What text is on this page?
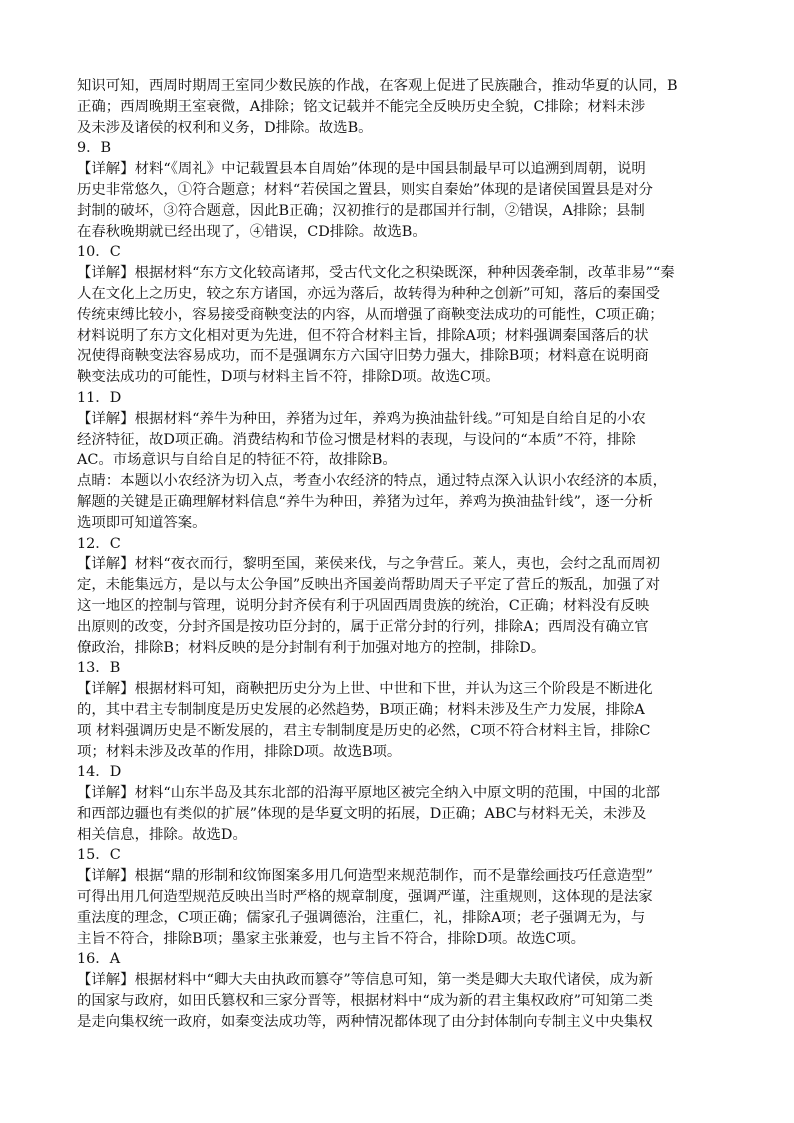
知识可知，西周时期周王室同少数民族的作战，在客观上促进了民族融合，推动华夏的认同，B
正确；西周晚期王室衰微，A排除；铭文记载并不能完全反映历史全貌，C排除；材料未涉
及未涉及诸侯的权利和义务，D排除。故选B。
9．B
【详解】材料“《周礼》中记载置县本自周始”体现的是中国县制最早可以追溯到周朝，说明
历史非常悠久，①符合题意；材料“若侯国之置县，则实自秦始”体现的是诸侯国置县是对分
封制的破坏，③符合题意，因此B正确；汉初推行的是郡国并行制，②错误，A排除；县制
在春秋晚期就已经出现了，④错误，CD排除。故选B。
10．C
【详解】根据材料“东方文化较高诸邦，受古代文化之积染既深，种种因袭牵制，改革非易”“秦
人在文化上之历史，较之东方诸国，亦远为落后，故转得为种种之创新”可知，落后的秦国受
传统束缚比较小，容易接受商鞅变法的内容，从而增强了商鞅变法成功的可能性，C项正确；
材料说明了东方文化相对更为先进，但不符合材料主旨，排除A项；材料强调秦国落后的状
况使得商鞅变法容易成功，而不是强调东方六国守旧势力强大，排除B项；材料意在说明商
鞅变法成功的可能性，D项与材料主旨不符，排除D项。故选C项。
11．D
【详解】根据材料“养牛为种田，养猪为过年，养鸡为换油盐针线。”可知是自给自足的小农
经济特征，故D项正确。消费结构和节俭习惯是材料的表现，与设问的“本质”不符，排除
AC。市场意识与自给自足的特征不符，故排除B。
点睛：本题以小农经济为切入点，考查小农经济的特点，通过特点深入认识小农经济的本质，
解题的关键是正确理解材料信息“养牛为种田，养猪为过年，养鸡为换油盐针线”，逐一分析
选项即可知道答案。
12．C
【详解】材料“夜衣而行，黎明至国，莱侯来伐，与之争营丘。莱人，夷也，会纣之乱而周初
定，未能集远方，是以与太公争国”反映出齐国姜尚帮助周天子平定了营丘的叛乱，加强了对
这一地区的控制与管理，说明分封齐侯有利于巩固西周贵族的统治，C正确；材料没有反映
出原则的改变，分封齐国是按功臣分封的，属于正常分封的行列，排除A；西周没有确立官
僚政治，排除B；材料反映的是分封制有利于加强对地方的控制，排除D。
13．B
【详解】根据材料可知，商鞅把历史分为上世、中世和下世，并认为这三个阶段是不断进化
的，其中君主专制制度是历史发展的必然趋势，B项正确；材料未涉及生产力发展，排除A
项 材料强调历史是不断发展的，君主专制制度是历史的必然，C项不符合材料主旨，排除C
项；材料未涉及改革的作用，排除D项。故选B项。
14．D
【详解】材料“山东半岛及其东北部的沿海平原地区被完全纳入中原文明的范围，中国的北部
和西部边疆也有类似的扩展”体现的是华夏文明的拓展，D正确；ABC与材料无关，未涉及
相关信息，排除。故选D。
15．C
【详解】根据“鼎的形制和纹饰图案多用几何造型来规范制作，而不是靠绘画技巧任意造型”
可得出用几何造型规范反映出当时严格的规章制度，强调严谨，注重规则，这体现的是法家
重法度的理念，C项正确；儒家孔子强调德治，注重仁，礼，排除A项；老子强调无为，与
主旨不符合，排除B项；墨家主张兼爱，也与主旨不符合，排除D项。故选C项。
16．A
【详解】根据材料中“卿大夫由执政而篡夺”等信息可知，第一类是卿大夫取代诸侯，成为新
的国家与政府，如田氏篡权和三家分晋等，根据材料中“成为新的君主集权政府”可知第二类
是走向集权统一政府，如秦变法成功等，两种情况都体现了由分封体制向专制主义中央集权
